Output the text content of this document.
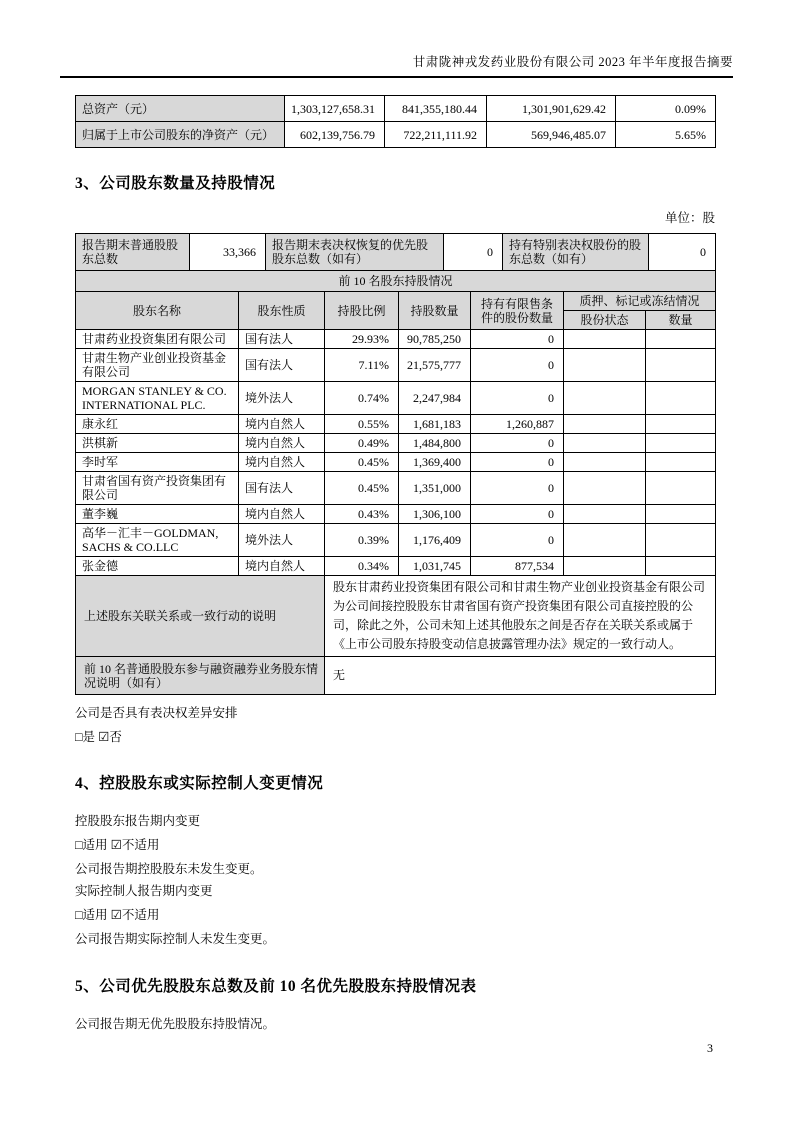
甘肃陇神戎发药业股份有限公司 2023 年半年度报告摘要
总资产（元）	1,303,127,658.31	841,355,180.44	1,301,901,629.42	0.09%
归属于上市公司股东的净资产（元）	602,139,756.79	722,211,111.92	569,946,485.07	5.65%
3、公司股东数量及持股情况
单位：股
报告期末普通股股东总数	33,366	报告期末表决权恢复的优先股股东总数（如有）	0	持有特别表决权股份的股东总数（如有）	0
前 10 名股东持股情况						
股东名称	股东性质	持股比例	持股数量	持有有限售条件的股份数量	质押、标记或冻结情况	
					股份状态	数量
甘肃药业投资集团有限公司	国有法人	29.93%	90,785,250	0		
甘肃生物产业创业投资基金有限公司	国有法人	7.11%	21,575,777	0		
MORGAN STANLEY & CO. INTERNATIONAL PLC.	境外法人	0.74%	2,247,984	0		
康永红	境内自然人	0.55%	1,681,183	1,260,887		
洪棋新	境内自然人	0.49%	1,484,800	0		
李时军	境内自然人	0.45%	1,369,400	0		
甘肃省国有资产投资集团有限公司	国有法人	0.45%	1,351,000	0		
董李巍	境内自然人	0.43%	1,306,100	0		
高华－汇丰－GOLDMAN, SACHS & CO.LLC	境外法人	0.39%	1,176,409	0		
张金德	境内自然人	0.34%	1,031,745	877,534		
上述股东关联关系或一致行动的说明		股东甘肃药业投资集团有限公司和甘肃生物产业创业投资基金有限公司为公司间接控股股东甘肃省国有资产投资集团有限公司直接控股的公司，除此之外，公司未知上述其他股东之间是否存在关联关系或属于《上市公司股东持股变动信息披露管理办法》规定的一致行动人。				
前 10 名普通股股东参与融资融券业务股东情况说明（如有）		无				
公司是否具有表决权差异安排
□是 ☑否
4、控股股东或实际控制人变更情况
控股股东报告期内变更
□适用 ☑不适用
公司报告期控股股东未发生变更。
实际控制人报告期内变更
□适用 ☑不适用
公司报告期实际控制人未发生变更。
5、公司优先股股东总数及前 10 名优先股股东持股情况表
公司报告期无优先股股东持股情况。
3
